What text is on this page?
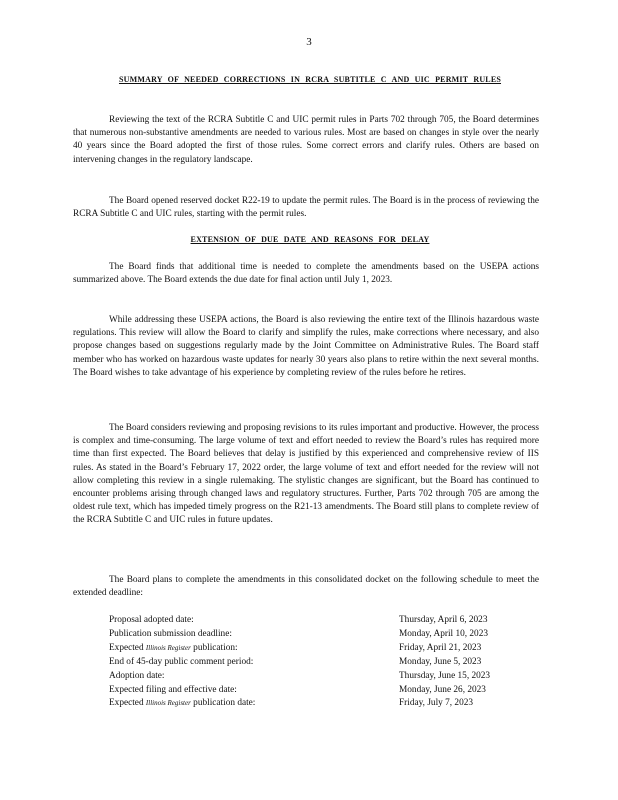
3
SUMMARY OF NEEDED CORRECTIONS IN RCRA SUBTITLE C AND UIC PERMIT RULES

Reviewing the text of the RCRA Subtitle C and UIC permit rules in Parts 702 through 705, the Board determines that numerous non-substantive amendments are needed to various rules. Most are based on changes in style over the nearly 40 years since the Board adopted the first of those rules. Some correct errors and clarify rules. Others are based on intervening changes in the regulatory landscape.

The Board opened reserved docket R22-19 to update the permit rules. The Board is in the process of reviewing the RCRA Subtitle C and UIC rules, starting with the permit rules.

EXTENSION OF DUE DATE AND REASONS FOR DELAY

The Board finds that additional time is needed to complete the amendments based on the USEPA actions summarized above. The Board extends the due date for final action until July 1, 2023.

While addressing these USEPA actions, the Board is also reviewing the entire text of the Illinois hazardous waste regulations. This review will allow the Board to clarify and simplify the rules, make corrections where necessary, and also propose changes based on suggestions regularly made by the Joint Committee on Administrative Rules. The Board staff member who has worked on hazardous waste updates for nearly 30 years also plans to retire within the next several months. The Board wishes to take advantage of his experience by completing review of the rules before he retires.

The Board considers reviewing and proposing revisions to its rules important and productive. However, the process is complex and time-consuming. The large volume of text and effort needed to review the Board’s rules has required more time than first expected. The Board believes that delay is justified by this experienced and comprehensive review of IIS rules. As stated in the Board’s February 17, 2022 order, the large volume of text and effort needed for the review will not allow completing this review in a single rulemaking. The stylistic changes are significant, but the Board has continued to encounter problems arising through changed laws and regulatory structures. Further, Parts 702 through 705 are among the oldest rule text, which has impeded timely progress on the R21-13 amendments. The Board still plans to complete review of the RCRA Subtitle C and UIC rules in future updates.

The Board plans to complete the amendments in this consolidated docket on the following schedule to meet the extended deadline:

Proposal adopted date:	Thursday, April 6, 2023
Publication submission deadline:	Monday, April 10, 2023
Expected Illinois Register publication:	Friday, April 21, 2023
End of 45-day public comment period:	Monday, June 5, 2023
Adoption date:	Thursday, June 15, 2023
Expected filing and effective date:	Monday, June 26, 2023
Expected Illinois Register publication date:	Friday, July 7, 2023
